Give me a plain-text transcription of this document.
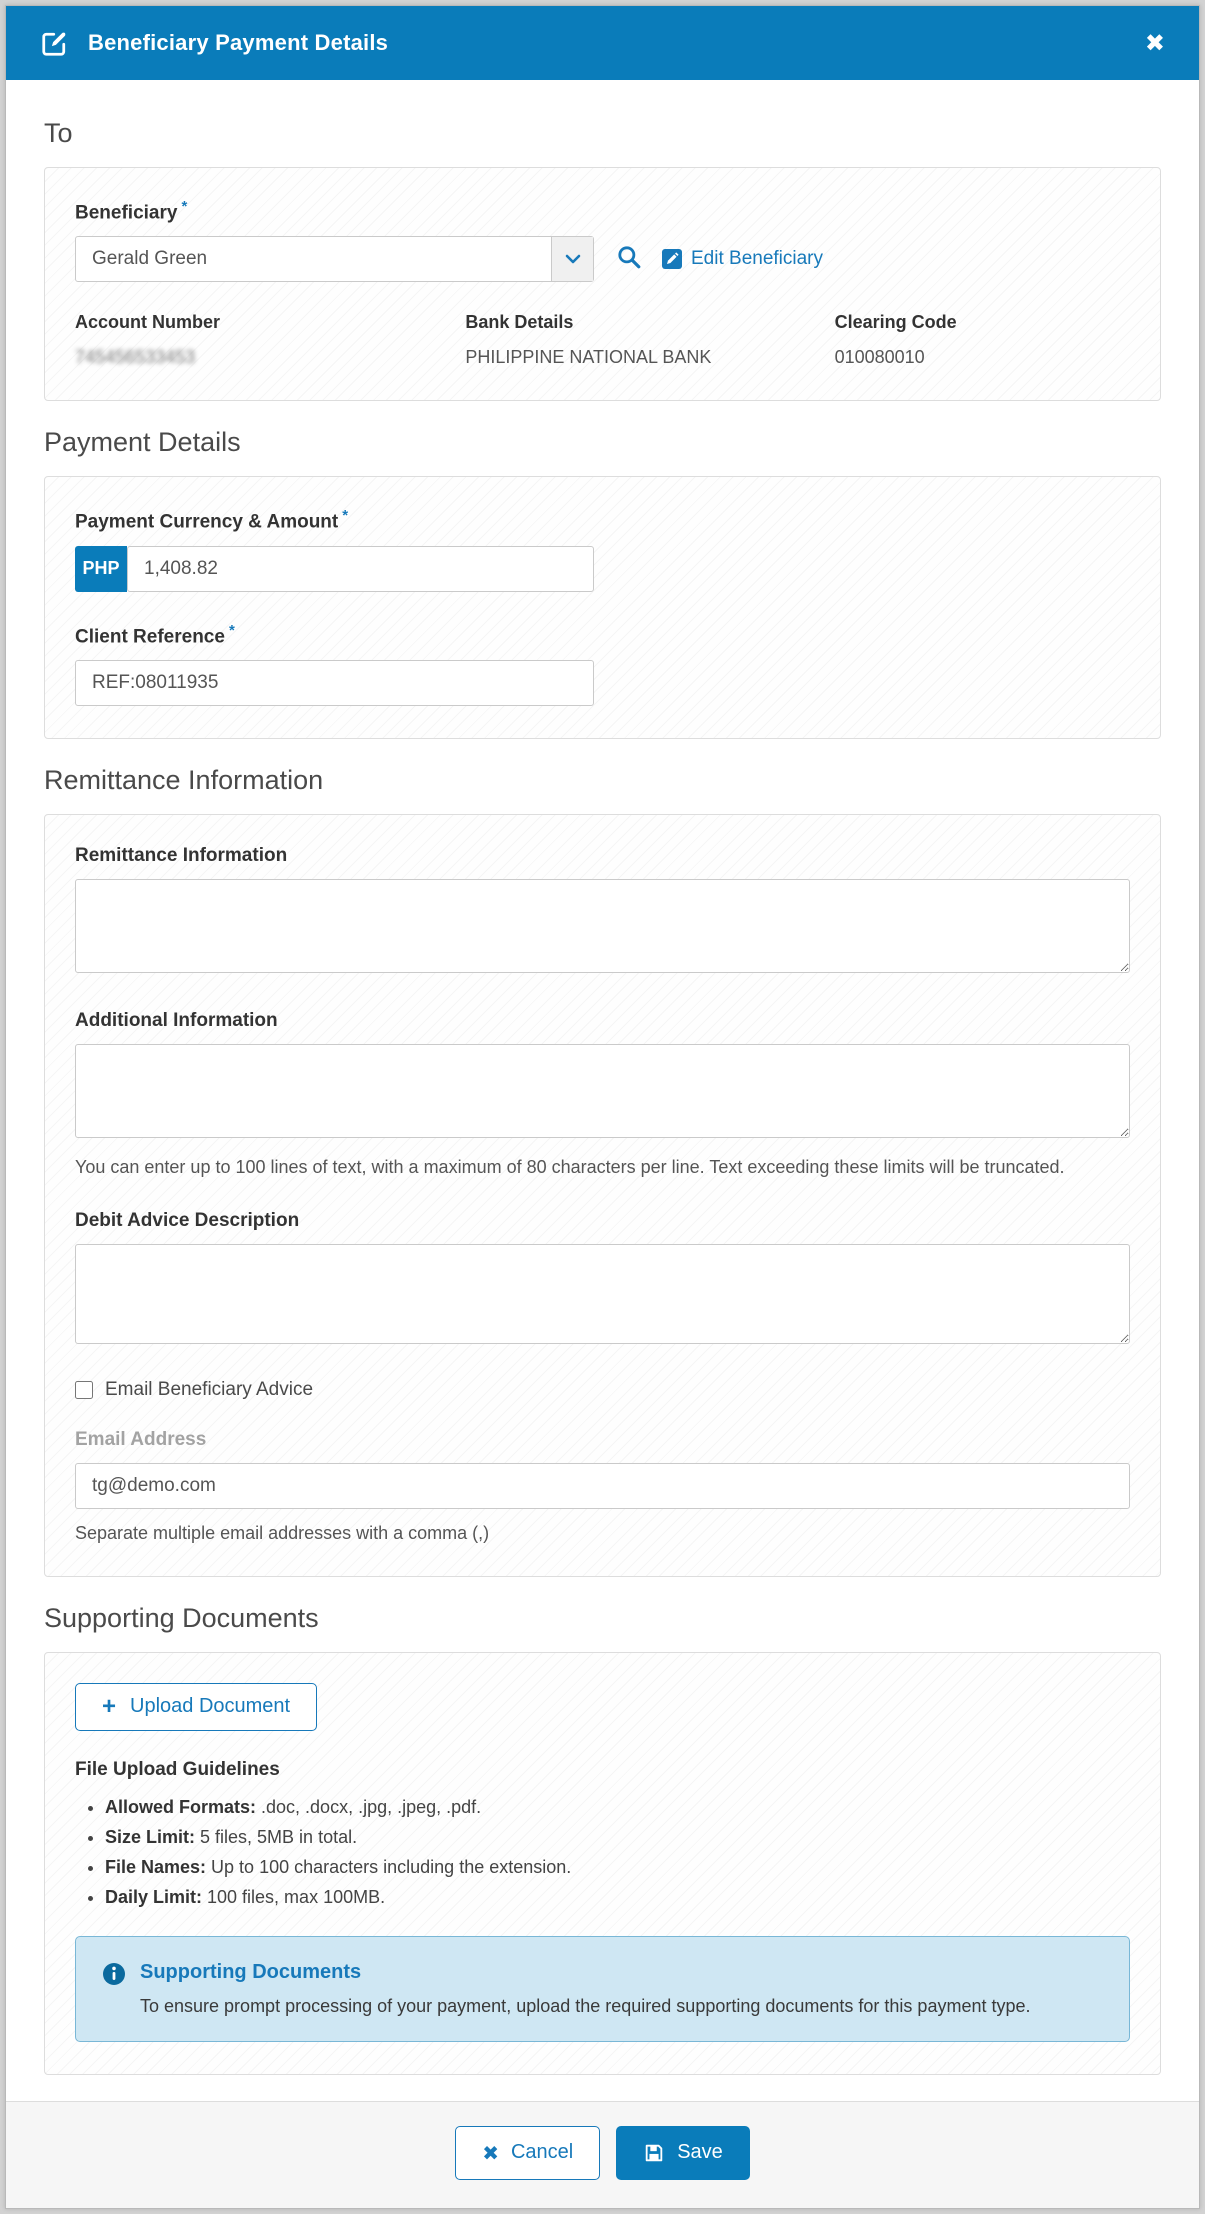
Beneficiary Payment Details	✖
To
Beneficiary *
Gerald Green	Edit Beneficiary
Account Number
745456533453
Bank Details
PHILIPPINE NATIONAL BANK
Clearing Code
010080010
Payment Details
Payment Currency & Amount *
PHP
1,408.82
Client Reference *
REF:08011935
Remittance Information
Remittance Information
Additional Information
You can enter up to 100 lines of text, with a maximum of 80 characters per line. Text exceeding these limits will be truncated.
Debit Advice Description
Email Beneficiary Advice
Email Address
tg@demo.com
Separate multiple email addresses with a comma (,)
Supporting Documents
+ Upload Document
File Upload Guidelines
• Allowed Formats: .doc, .docx, .jpg, .jpeg, .pdf.
• Size Limit: 5 files, 5MB in total.
• File Names: Up to 100 characters including the extension.
• Daily Limit: 100 files, max 100MB.
Supporting Documents
To ensure prompt processing of your payment, upload the required supporting documents for this payment type.
✖ Cancel	Save
